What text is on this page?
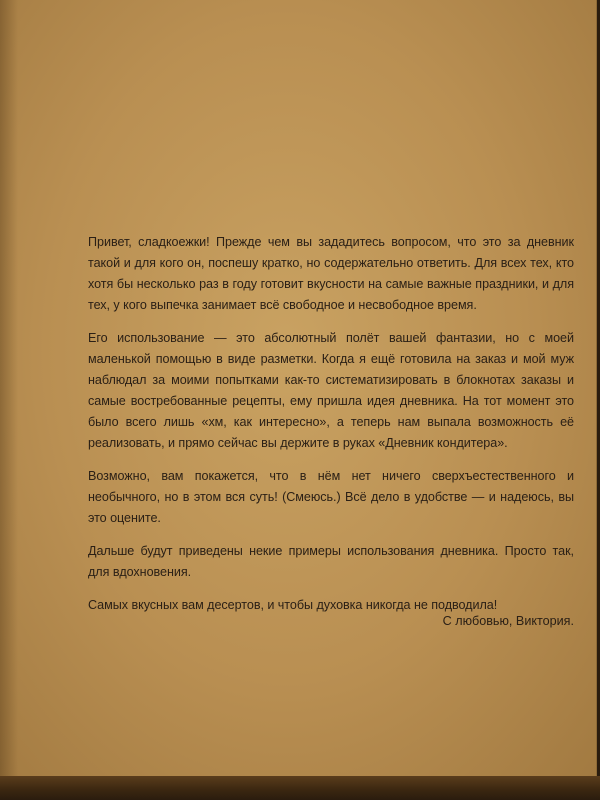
Привет, сладкоежки! Прежде чем вы зададитесь вопросом, что это за дневник такой и для кого он, поспешу кратко, но содержательно ответить. Для всех тех, кто хотя бы несколько раз в году готовит вкусности на самые важные праздники, и для тех, у кого выпечка занимает всё свободное и несвободное время.

Его использование — это абсолютный полёт вашей фантазии, но с моей маленькой помощью в виде разметки. Когда я ещё готовила на заказ и мой муж наблюдал за моими попытками как-то систематизировать в блокнотах заказы и самые востребованные рецепты, ему пришла идея дневника. На тот момент это было всего лишь «хм, как интересно», а теперь нам выпала возможность её реализовать, и прямо сейчас вы держите в руках «Дневник кондитера».

Возможно, вам покажется, что в нём нет ничего сверхъестественного и необычного, но в этом вся суть! (Смеюсь.) Всё дело в удобстве — и надеюсь, вы это оцените.

Дальше будут приведены некие примеры использования дневника. Просто так, для вдохновения.

Самых вкусных вам десертов, и чтобы духовка никогда не подводила!

С любовью, Виктория.
